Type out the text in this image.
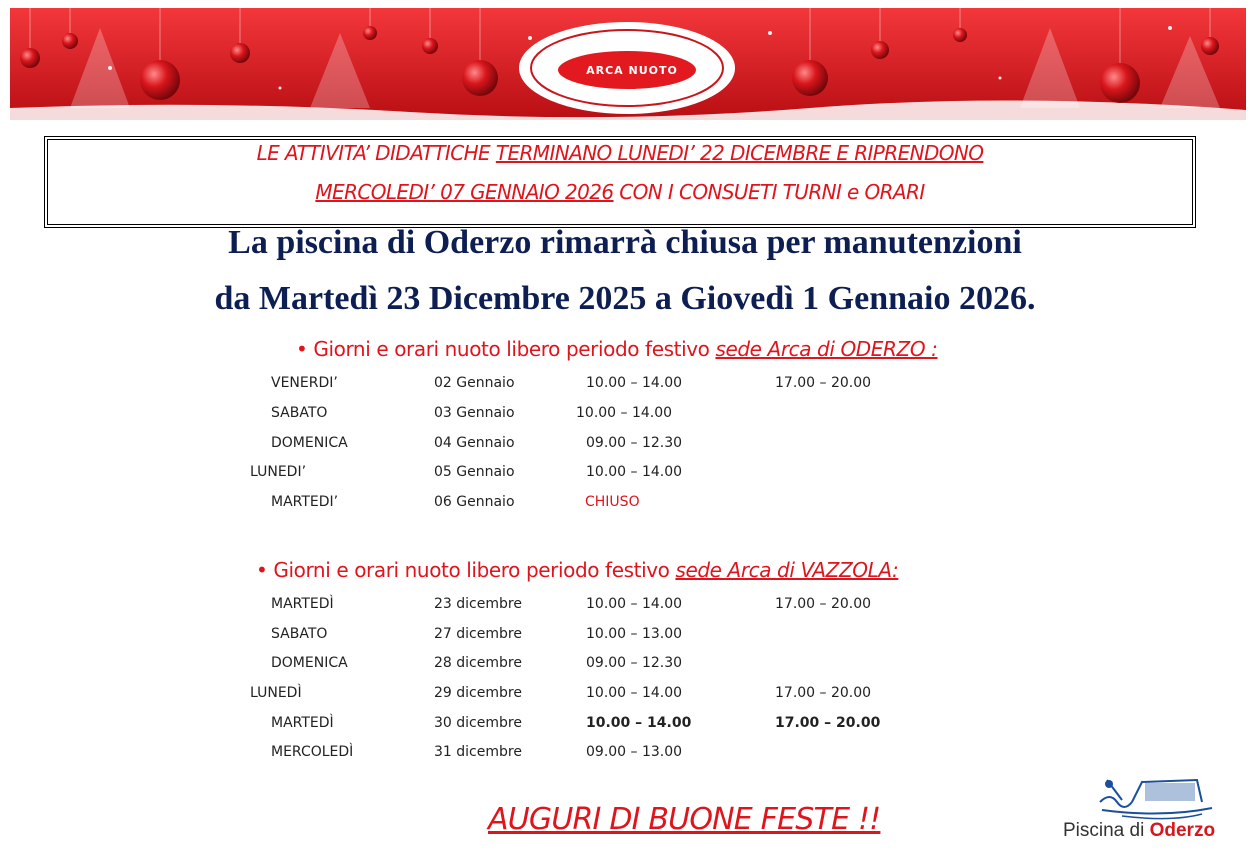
ARCA NUOTO
LE ATTIVITA’ DIDATTICHE TERMINANO LUNEDI’ 22 DICEMBRE E RIPRENDONO
MERCOLEDI’ 07 GENNAIO 2026 CON I CONSUETI TURNI e ORARI
La piscina di Oderzo rimarrà chiusa per manutenzioni
da Martedì 23 Dicembre 2025 a Giovedì 1 Gennaio 2026.
• Giorni e orari nuoto libero periodo festivo sede Arca di ODERZO :
VENERDI’	02 Gennaio	10.00 – 14.00	17.00 – 20.00
SABATO	03 Gennaio	10.00 – 14.00
DOMENICA	04 Gennaio	09.00 – 12.30
LUNEDI’	05 Gennaio	10.00 – 14.00
MARTEDI’	06 Gennaio	CHIUSO
• Giorni e orari nuoto libero periodo festivo sede Arca di VAZZOLA:
MARTEDÌ	23 dicembre	10.00 – 14.00	17.00 – 20.00
SABATO	27 dicembre	10.00 – 13.00
DOMENICA	28 dicembre	09.00 – 12.30
LUNEDÌ	29 dicembre	10.00 – 14.00	17.00 – 20.00
MARTEDÌ	30 dicembre	10.00 – 14.00	17.00 – 20.00
MERCOLEDÌ	31 dicembre	09.00 – 13.00
AUGURI DI BUONE FESTE !!	Piscina di Oderzo
